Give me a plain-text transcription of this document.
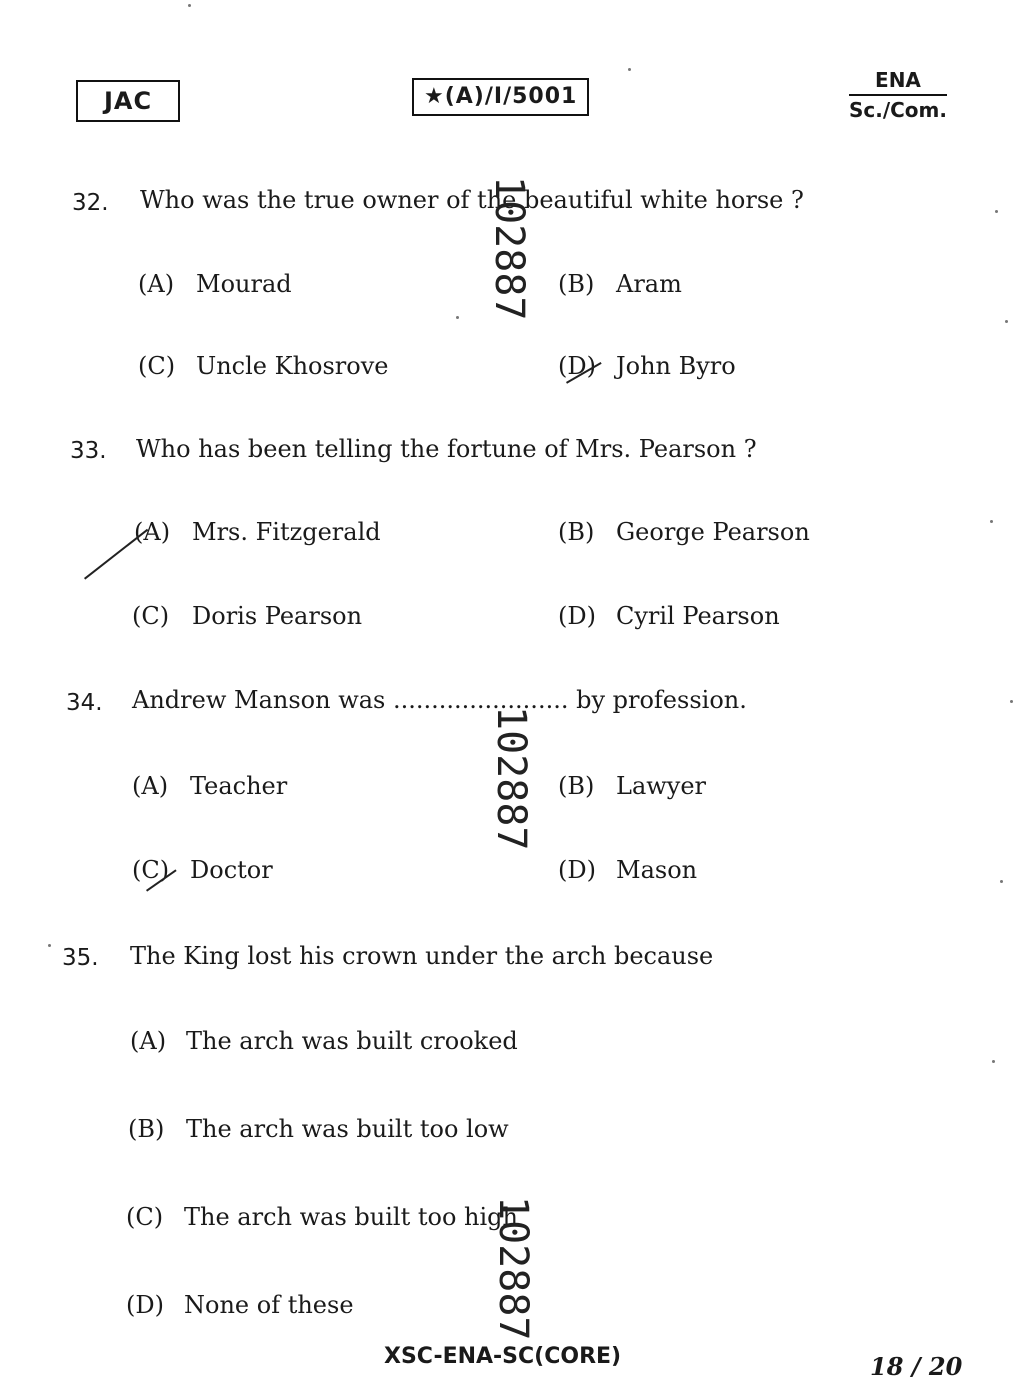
JAC	★(A)/I/5001
ENA
Sc./Com.
32. Who was the true owner of the beautiful white horse ?
(A) Mourad	(B) Aram
(C) Uncle Khosrove	(D) John Byro
33. Who has been telling the fortune of Mrs. Pearson ?
(A) Mrs. Fitzgerald	(B) George Pearson
(C) Doris Pearson	(D) Cyril Pearson
34. Andrew Manson was ....................... by profession.
(A) Teacher	(B) Lawyer
(C) Doctor	(D) Mason
35. The King lost his crown under the arch because
(A) The arch was built crooked
(B) The arch was built too low
(C) The arch was built too high
(D) None of these
102887
102887
102887
XSC-ENA-SC(CORE)	18 / 20
